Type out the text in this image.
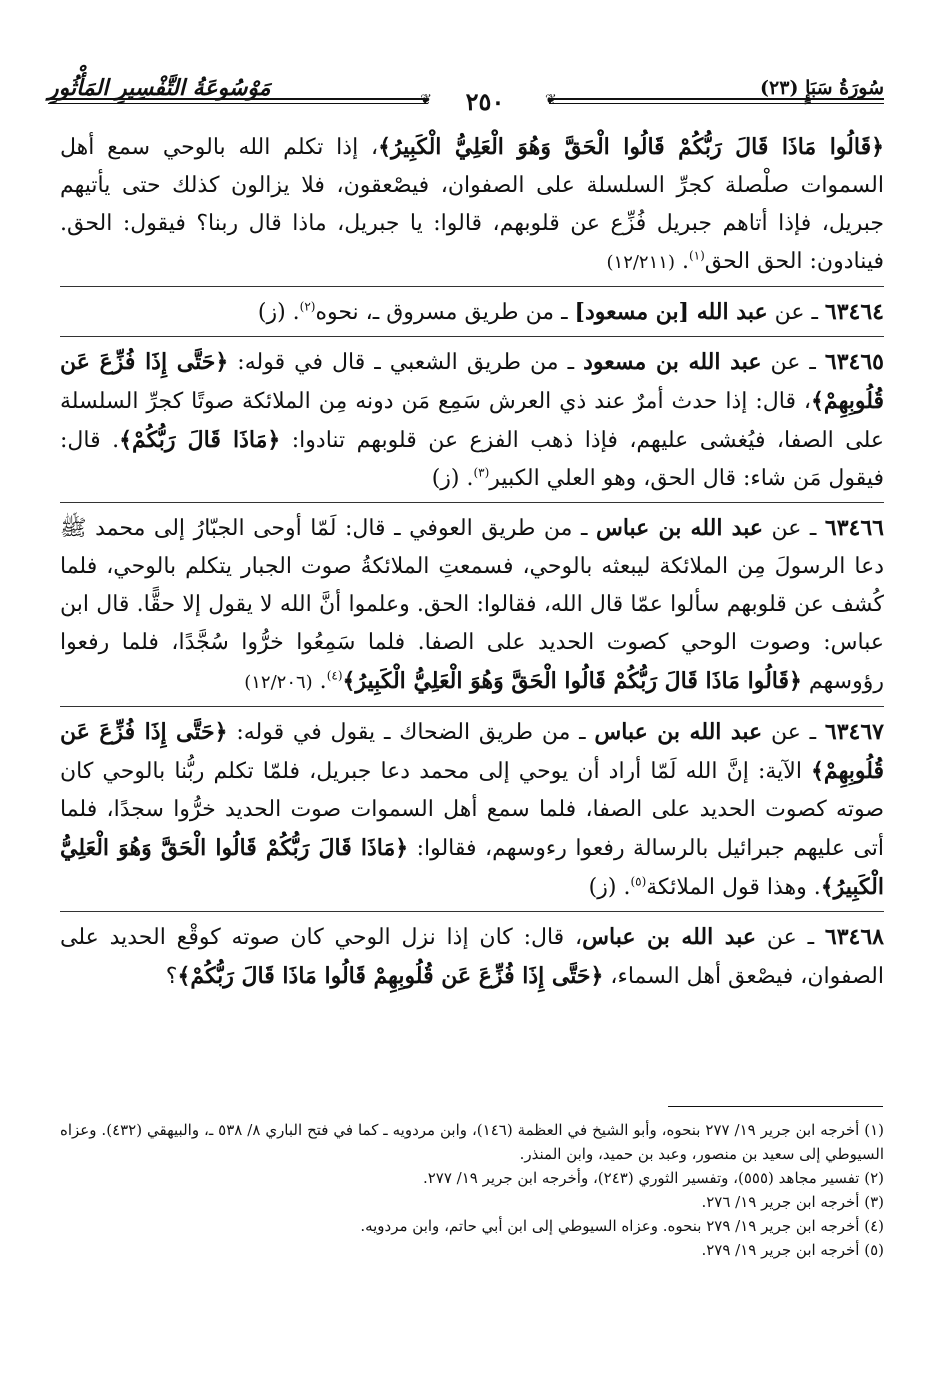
سُورَةُ سَبَإٍ (٢٣)
مَوْسُوعَةُ التَّفْسِيرِ المَأْثُورِ	❦	❦
٢٥٠

﴿قَالُوا مَاذَا قَالَ رَبُّكُمْ قَالُوا الْحَقَّ وَهُوَ الْعَلِيُّ الْكَبِيرُ﴾، إذا تكلم الله بالوحي سمع أهل السموات صلْصلة كجرِّ السلسلة على الصفوان، فيصْعقون، فلا يزالون كذلك حتى يأتيهم جبريل، فإذا أتاهم جبريل فُزِّع عن قلوبهم، قالوا: يا جبريل، ماذا قال ربنا؟ فيقول: الحق. فينادون: الحق الحق$^{(١)}$. (١٢/٢١١)

٦٣٤٦٤ ـ عن عبد الله [بن مسعود] ـ من طريق مسروق ـ، نحوه$^{(٢)}$. (ز)

٦٣٤٦٥ ـ عن عبد الله بن مسعود ـ من طريق الشعبي ـ قال في قوله: ﴿حَتَّى إِذَا فُزِّعَ عَن قُلُوبِهِمْ﴾، قال: إذا حدث أمرٌ عند ذي العرش سَمِع مَن دونه مِن الملائكة صوتًا كجرِّ السلسلة على الصفا، فيُغشى عليهم، فإذا ذهب الفزع عن قلوبهم تنادوا: ﴿مَاذَا قَالَ رَبُّكُمْ﴾. قال: فيقول مَن شاء: قال الحق، وهو العلي الكبير$^{(٣)}$. (ز)

٦٣٤٦٦ ـ عن عبد الله بن عباس ـ من طريق العوفي ـ قال: لَمّا أوحى الجبّارُ إلى محمد ﷺ دعا الرسولَ مِن الملائكة ليبعثه بالوحي، فسمعتِ الملائكةُ صوت الجبار يتكلم بالوحي، فلما كُشف عن قلوبهم سألوا عمّا قال الله، فقالوا: الحق. وعلموا أنَّ الله لا يقول إلا حقًّا. قال ابن عباس: وصوت الوحي كصوت الحديد على الصفا. فلما سَمِعُوا خرُّوا سُجَّدًا، فلما رفعوا رؤوسهم ﴿قَالُوا مَاذَا قَالَ رَبُّكُمْ قَالُوا الْحَقَّ وَهُوَ الْعَلِيُّ الْكَبِيرُ﴾$^{(٤)}$. (١٢/٢٠٦)

٦٣٤٦٧ ـ عن عبد الله بن عباس ـ من طريق الضحاك ـ يقول في قوله: ﴿حَتَّى إِذَا فُزِّعَ عَن قُلُوبِهِمْ﴾ الآية: إنَّ الله لَمّا أراد أن يوحي إلى محمد دعا جبريل، فلمّا تكلم ربُّنا بالوحي كان صوته كصوت الحديد على الصفا، فلما سمع أهل السموات صوت الحديد خرُّوا سجدًا، فلما أتى عليهم جبرائيل بالرسالة رفعوا رءوسهم، فقالوا: ﴿مَاذَا قَالَ رَبُّكُمْ قَالُوا الْحَقَّ وَهُوَ الْعَلِيُّ الْكَبِيرُ﴾. وهذا قول الملائكة$^{(٥)}$. (ز)

٦٣٤٦٨ ـ عن عبد الله بن عباس، قال: كان إذا نزل الوحي كان صوته كوقْع الحديد على الصفوان، فيصْعق أهل السماء، ﴿حَتَّى إِذَا فُزِّعَ عَن قُلُوبِهِمْ قَالُوا مَاذَا قَالَ رَبُّكُمْ﴾؟

(١) أخرجه ابن جرير ١٩/ ٢٧٧ بنحوه، وأبو الشيخ في العظمة (١٤٦)، وابن مردويه ـ كما في فتح الباري ٨/ ٥٣٨ ـ، والبيهقي (٤٣٢). وعزاه السيوطي إلى سعيد بن منصور، وعبد بن حميد، وابن المنذر.

(٢) تفسير مجاهد (٥٥٥)، وتفسير الثوري (٢٤٣)، وأخرجه ابن جرير ١٩/ ٢٧٧.

(٣) أخرجه ابن جرير ١٩/ ٢٧٦.

(٤) أخرجه ابن جرير ١٩/ ٢٧٩ بنحوه. وعزاه السيوطي إلى ابن أبي حاتم، وابن مردويه.

(٥) أخرجه ابن جرير ١٩/ ٢٧٩.
